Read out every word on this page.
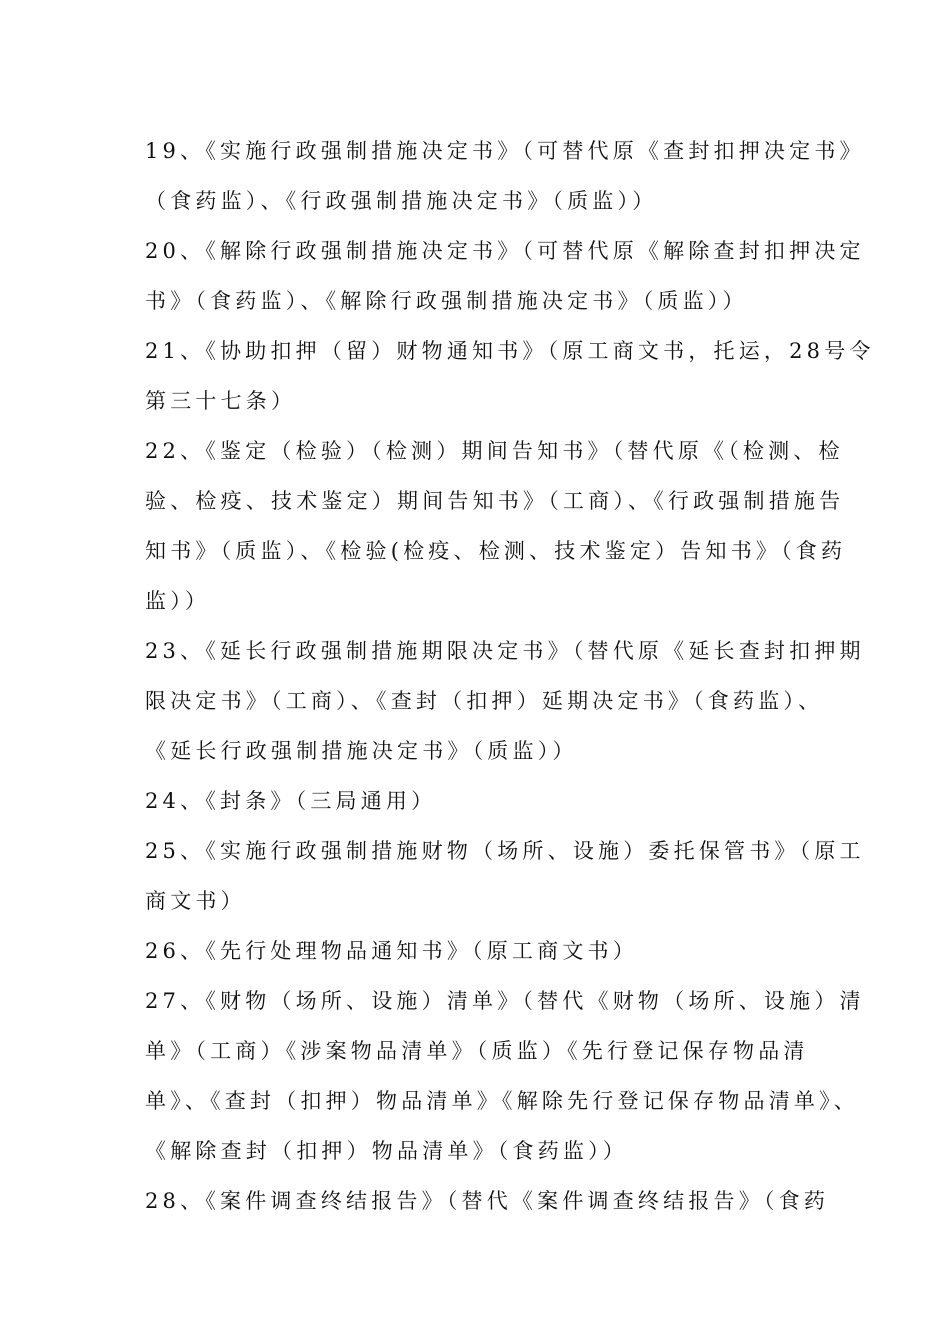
19、《实施行政强制措施决定书》（可替代原《查封扣押决定书》
（食药监）、《行政强制措施决定书》（质监））
20、《解除行政强制措施决定书》（可替代原《解除查封扣押决定
书》（食药监）、《解除行政强制措施决定书》（质监））
21、《协助扣押（留）财物通知书》（原工商文书，托运，28号令
第三十七条）
22、《鉴定（检验）（检测）期间告知书》（替代原《（检测、检
验、检疫、技术鉴定）期间告知书》（工商）、《行政强制措施告
知书》（质监）、《检验(检疫、检测、技术鉴定）告知书》（食药
监））
23、《延长行政强制措施期限决定书》（替代原《延长查封扣押期
限决定书》（工商）、《查封（扣押）延期决定书》（食药监）、
《延长行政强制措施决定书》（质监））
24、《封条》（三局通用）
25、《实施行政强制措施财物（场所、设施）委托保管书》（原工
商文书）
26、《先行处理物品通知书》（原工商文书）
27、《财物（场所、设施）清单》（替代《财物（场所、设施）清
单》（工商）《涉案物品清单》（质监）《先行登记保存物品清
单》、《查封（扣押）物品清单》《解除先行登记保存物品清单》、
《解除查封（扣押）物品清单》（食药监））
28、《案件调查终结报告》（替代《案件调查终结报告》（食药
